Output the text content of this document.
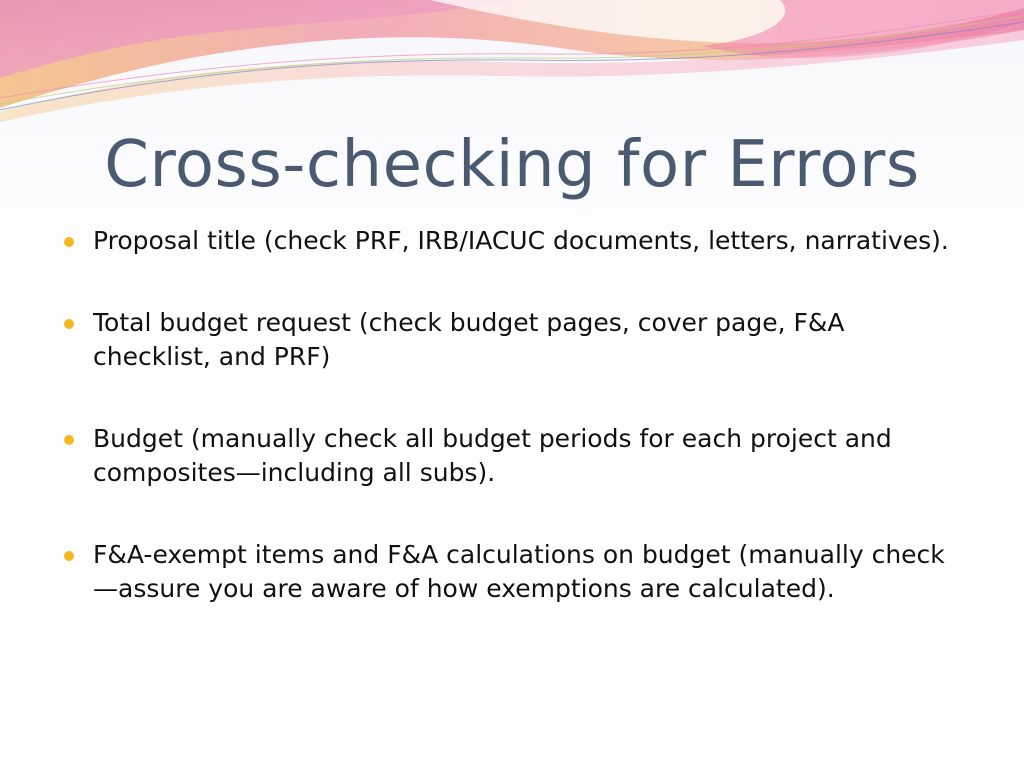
Cross-checking for Errors
Proposal title (check PRF, IRB/IACUC documents, letters, narratives).
Total budget request (check budget pages, cover page, F&A checklist, and PRF)
Budget (manually check all budget periods for each project and composites—including all subs).
F&A-exempt items and F&A calculations on budget (manually check—assure you are aware of how exemptions are calculated).
